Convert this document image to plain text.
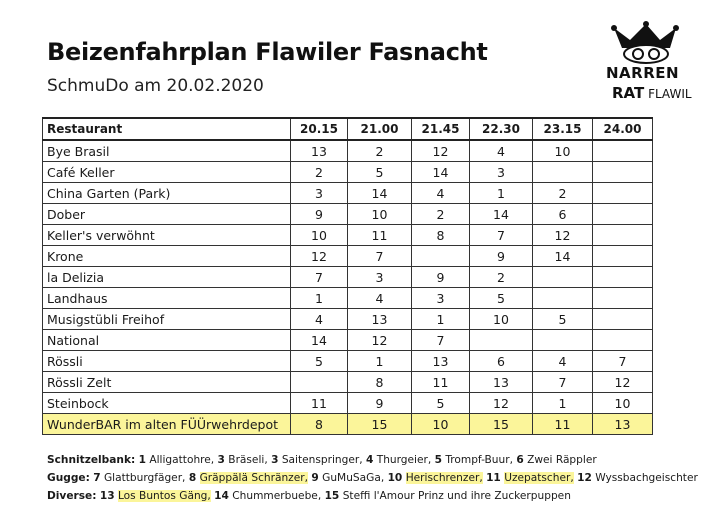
Beizenfahrplan Flawiler Fasnacht
SchmuDo am 20.02.2020
NARREN
RAT FLAWIL
Restaurant	20.15	21.00	21.45	22.30	23.15	24.00
Bye Brasil	13	2	12	4	10	
Café Keller	2	5	14	3		
China Garten (Park)	3	14	4	1	2	
Dober	9	10	2	14	6	
Keller's verwöhnt	10	11	8	7	12	
Krone	12	7		9	14	
la Delizia	7	3	9	2		
Landhaus	1	4	3	5		
Musigstübli Freihof	4	13	1	10	5	
National	14	12	7			
Rössli	5	1	13	6	4	7
Rössli Zelt		8	11	13	7	12
Steinbock	11	9	5	12	1	10
WunderBAR im alten FÜÜrwehrdepot	8	15	10	15	11	13
Schnitzelbank: 1 Alligattohre, 3 Bräseli, 3 Saitenspringer, 4 Thurgeier, 5 Trompf-Buur, 6 Zwei Räppler
Gugge: 7 Glattburgfäger, 8 Gräppälä Schränzer, 9 GuMuSaGa, 10 Herischrenzer, 11 Uzepatscher, 12 Wyssbachgeischter
Diverse: 13 Los Buntos Gäng, 14 Chummerbuebe, 15 Steffi l'Amour Prinz und ihre Zuckerpuppen
